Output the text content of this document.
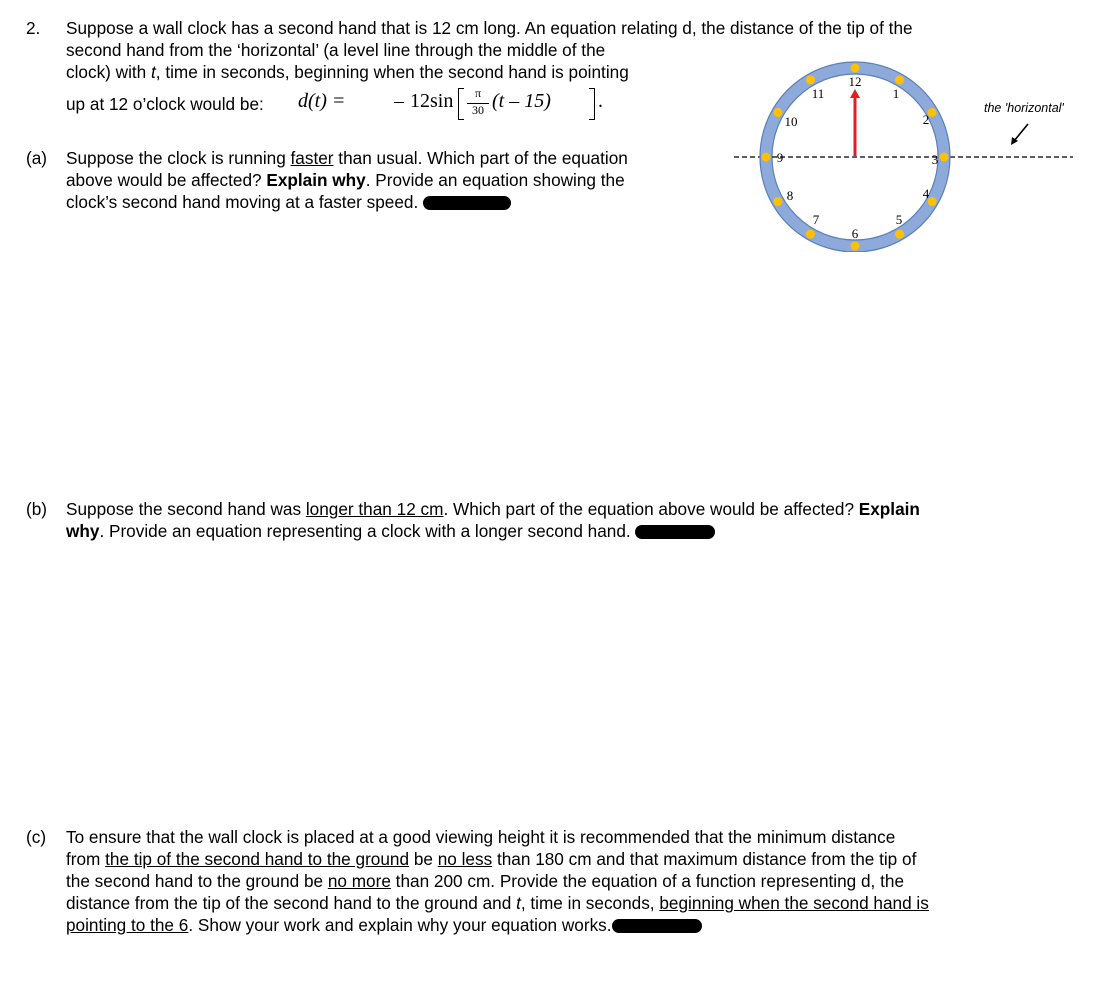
2. Suppose a wall clock has a second hand that is 12 cm long. An equation relating d, the distance of the tip of the
second hand from the ‘horizontal’ (a level line through the middle of the
clock) with t, time in seconds, beginning when the second hand is pointing
up at 12 o’clock would be: d(t) = – 12sin	π
30 (t – 15) .
12
1
2
3
4
5
6
7
8
9
10
11
the 'horizontal'
(a) Suppose the clock is running faster than usual. Which part of the equation
above would be affected? Explain why. Provide an equation showing the
clock’s second hand moving at a faster speed.
(b) Suppose the second hand was longer than 12 cm. Which part of the equation above would be affected? Explain
why. Provide an equation representing a clock with a longer second hand.
(c) To ensure that the wall clock is placed at a good viewing height it is recommended that the minimum distance
from the tip of the second hand to the ground be no less than 180 cm and that maximum distance from the tip of
the second hand to the ground be no more than 200 cm. Provide the equation of a function representing d, the
distance from the tip of the second hand to the ground and t, time in seconds, beginning when the second hand is
pointing to the 6. Show your work and explain why your equation works.
